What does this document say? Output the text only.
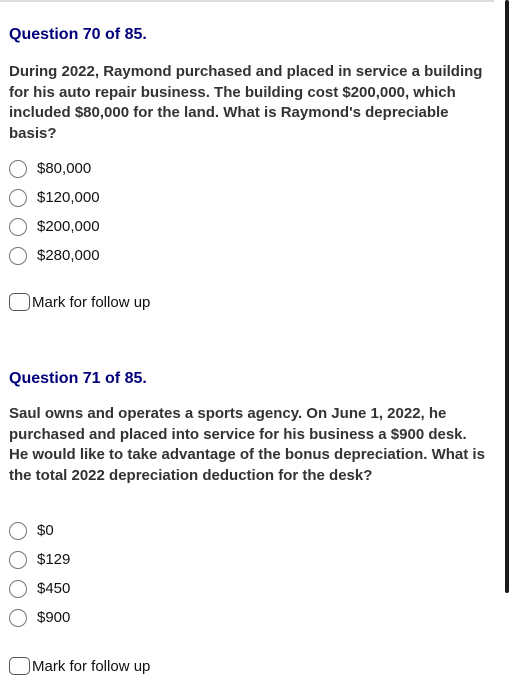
Question 70 of 85.

During 2022, Raymond purchased and placed in service a building for his auto repair business. The building cost $200,000, which included $80,000 for the land. What is Raymond's depreciable basis?

$80,000
$120,000
$200,000
$280,000
Mark for follow up
Question 71 of 85.

Saul owns and operates a sports agency. On June 1, 2022, he purchased and placed into service for his business a $900 desk. He would like to take advantage of the bonus depreciation. What is the total 2022 depreciation deduction for the desk?

$0
$129
$450
$900
Mark for follow up
